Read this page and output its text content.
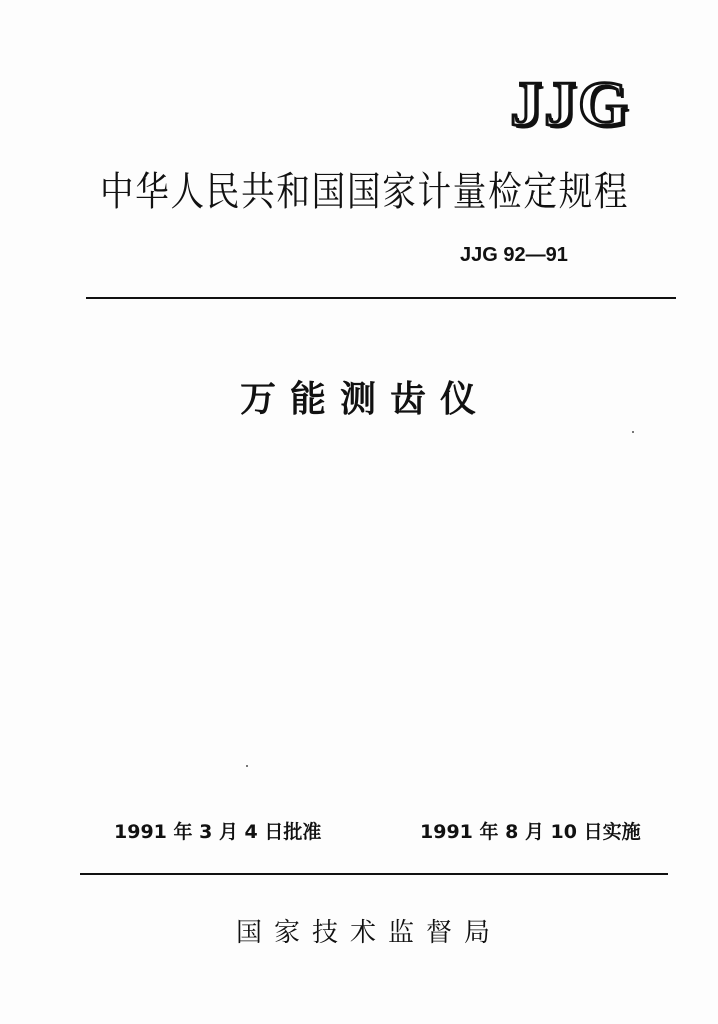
JJG
中华人民共和国国家计量检定规程
JJG 92—91
万能测齿仪
1991 年 3 月 4 日批准	1991 年 8 月 10 日实施
国家技术监督局
